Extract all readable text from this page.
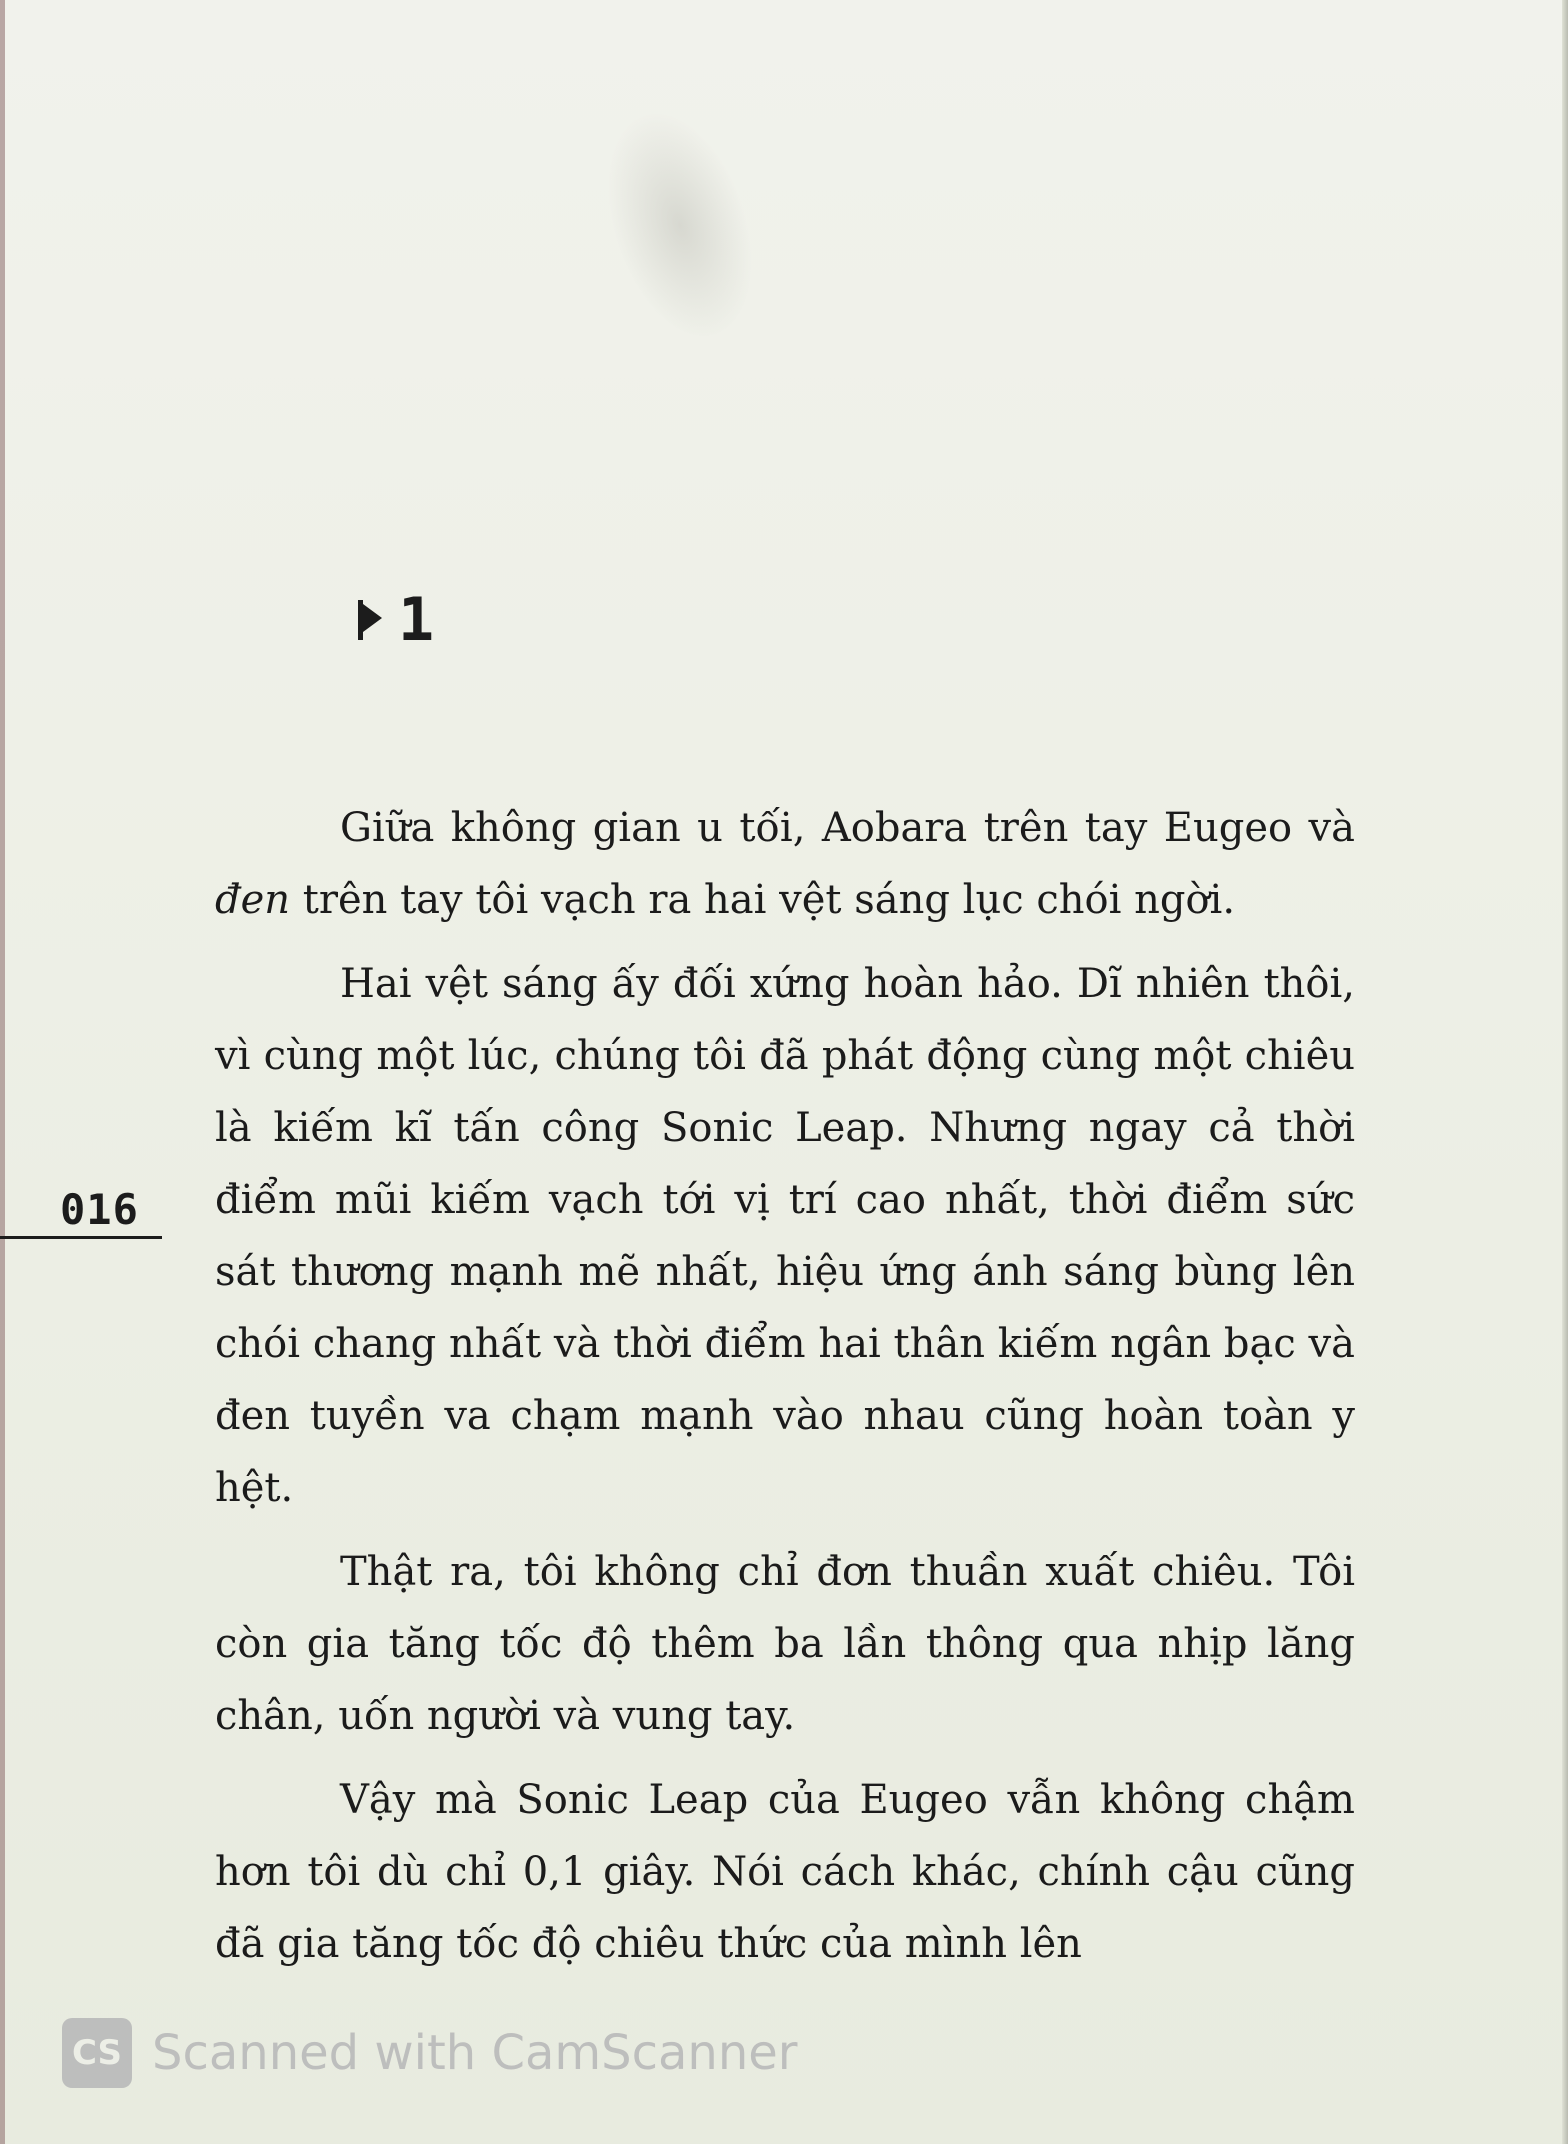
1
016

Giữa không gian u tối, Aobara trên tay Eugeo và đen trên tay tôi vạch ra hai vệt sáng lục chói ngời.

Hai vệt sáng ấy đối xứng hoàn hảo. Dĩ nhiên thôi, vì cùng một lúc, chúng tôi đã phát động cùng một chiêu là kiếm kĩ tấn công Sonic Leap. Nhưng ngay cả thời điểm mũi kiếm vạch tới vị trí cao nhất, thời điểm sức sát thương mạnh mẽ nhất, hiệu ứng ánh sáng bùng lên chói chang nhất và thời điểm hai thân kiếm ngân bạc và đen tuyền va chạm mạnh vào nhau cũng hoàn toàn y hệt.

Thật ra, tôi không chỉ đơn thuần xuất chiêu. Tôi còn gia tăng tốc độ thêm ba lần thông qua nhịp lăng chân, uốn người và vung tay.

Vậy mà Sonic Leap của Eugeo vẫn không chậm hơn tôi dù chỉ 0,1 giây. Nói cách khác, chính cậu cũng đã gia tăng tốc độ chiêu thức của mình lên

CS Scanned with CamScanner
